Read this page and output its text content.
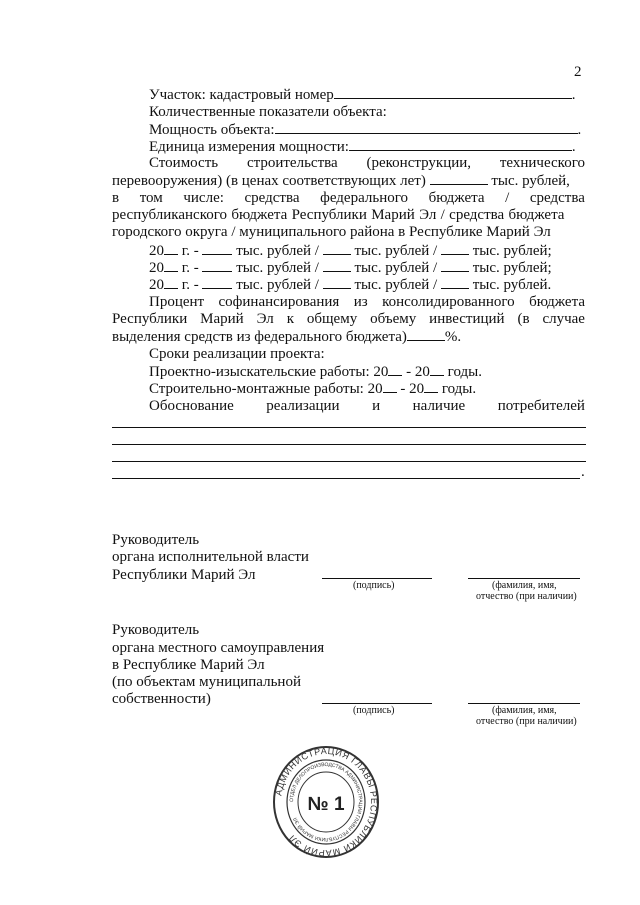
2
Участок: кадастровый номер	.
Количественные показатели объекта:
Мощность объекта:	.
Единица измерения мощности:	.
Стоимость строительства (реконструкции, технического
перевооружения) (в ценах соответствующих лет)	тыс. рублей,
в том числе: средства федерального бюджета / средства
республиканского бюджета Республики Марий Эл / средства бюджета
городского округа / муниципального района в Республике Марий Эл
20 г. -	тыс. рублей / тыс. рублей / тыс. рублей;
20 г. -	тыс. рублей / тыс. рублей / тыс. рублей;
20 г. -	тыс. рублей / тыс. рублей / тыс. рублей.
Процент софинансирования из консолидированного бюджета
Республики Марий Эл к общему объему инвестиций (в случае
выделения средств из федерального бюджета)	%.
Сроки реализации проекта:
Проектно-изыскательские работы: 20 - 20 годы.
Строительно-монтажные работы: 20 - 20 годы.
Обоснование реализации и наличие потребителей
.
Руководитель
органа исполнительной власти
Республики Марий Эл
(подпись)	(фамилия, имя,
отчество (при наличии)
Руководитель
органа местного самоуправления
в Республике Марий Эл
(по объектам муниципальной
собственности)
(подпись)	(фамилия, имя,
отчество (при наличии)
АДМИНИСТРАЦИЯ ГЛАВЫ РЕСПУБЛИКИ МАРИЙ ЭЛ
ОТДЕЛ ДЕЛОПРОИЗВОДСТВА АДМИНИСТРАЦИИ ГЛАВЫ РЕСПУБЛИКИ МАРИЙ ЭЛ
№ 1
